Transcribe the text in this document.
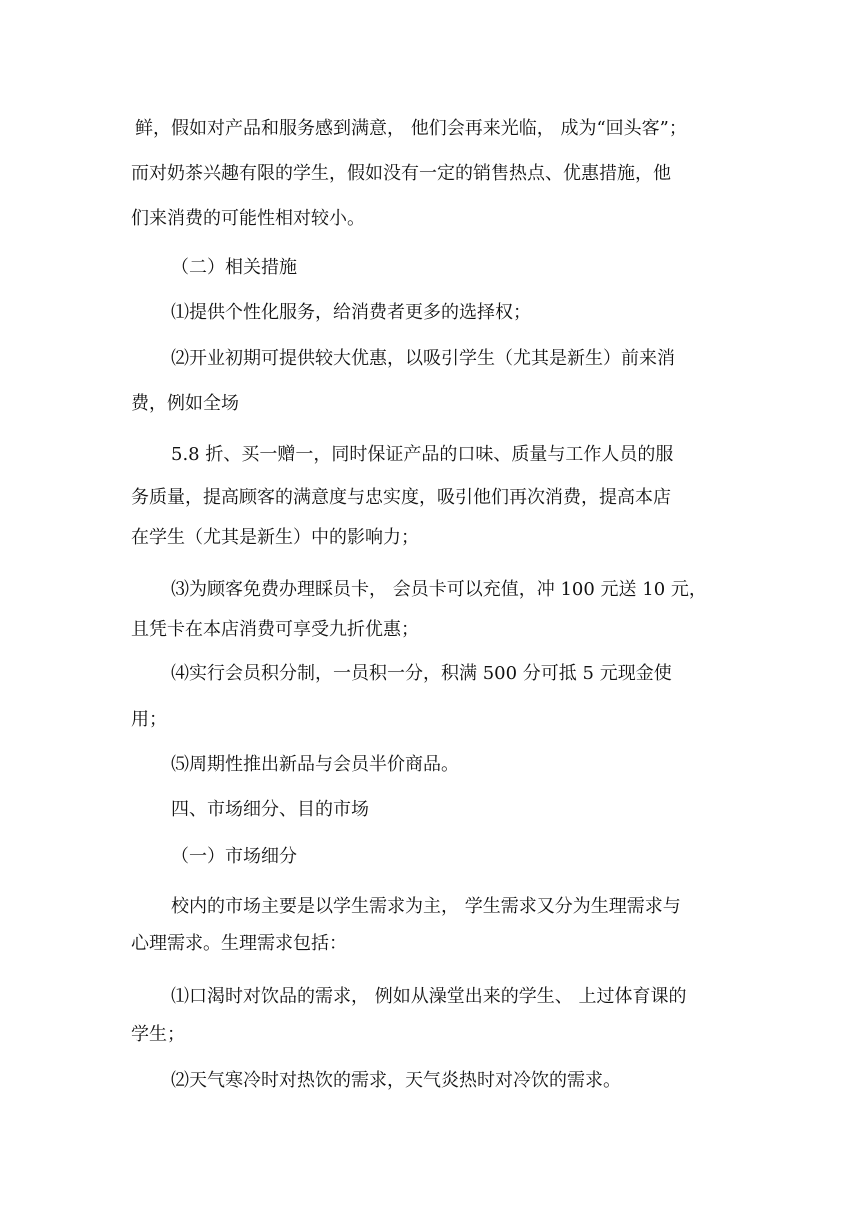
鲜，假如对产品和服务感到满意， 他们会再来光临， 成为“回头客”；
而对奶茶兴趣有限的学生，假如没有一定的销售热点、优惠措施，他
们来消费的可能性相对较小。
（二）相关措施
⑴提供个性化服务，给消费者更多的选择权；
⑵开业初期可提供较大优惠，以吸引学生（尤其是新生）前来消
费，例如全场
5.8 折、买一赠一，同时保证产品的口味、质量与工作人员的服
务质量，提高顾客的满意度与忠实度，吸引他们再次消费，提高本店
在学生（尤其是新生）中的影响力；
⑶为顾客免费办理睬员卡， 会员卡可以充值，冲 100 元送 10 元，
且凭卡在本店消费可享受九折优惠；
⑷实行会员积分制，一员积一分，积满 500 分可抵 5 元现金使
用；
⑸周期性推出新品与会员半价商品。
四、市场细分、目的市场
（一）市场细分
校内的市场主要是以学生需求为主， 学生需求又分为生理需求与
心理需求。生理需求包括：
⑴口渴时对饮品的需求， 例如从澡堂出来的学生、 上过体育课的
学生；
⑵天气寒冷时对热饮的需求，天气炎热时对冷饮的需求。
